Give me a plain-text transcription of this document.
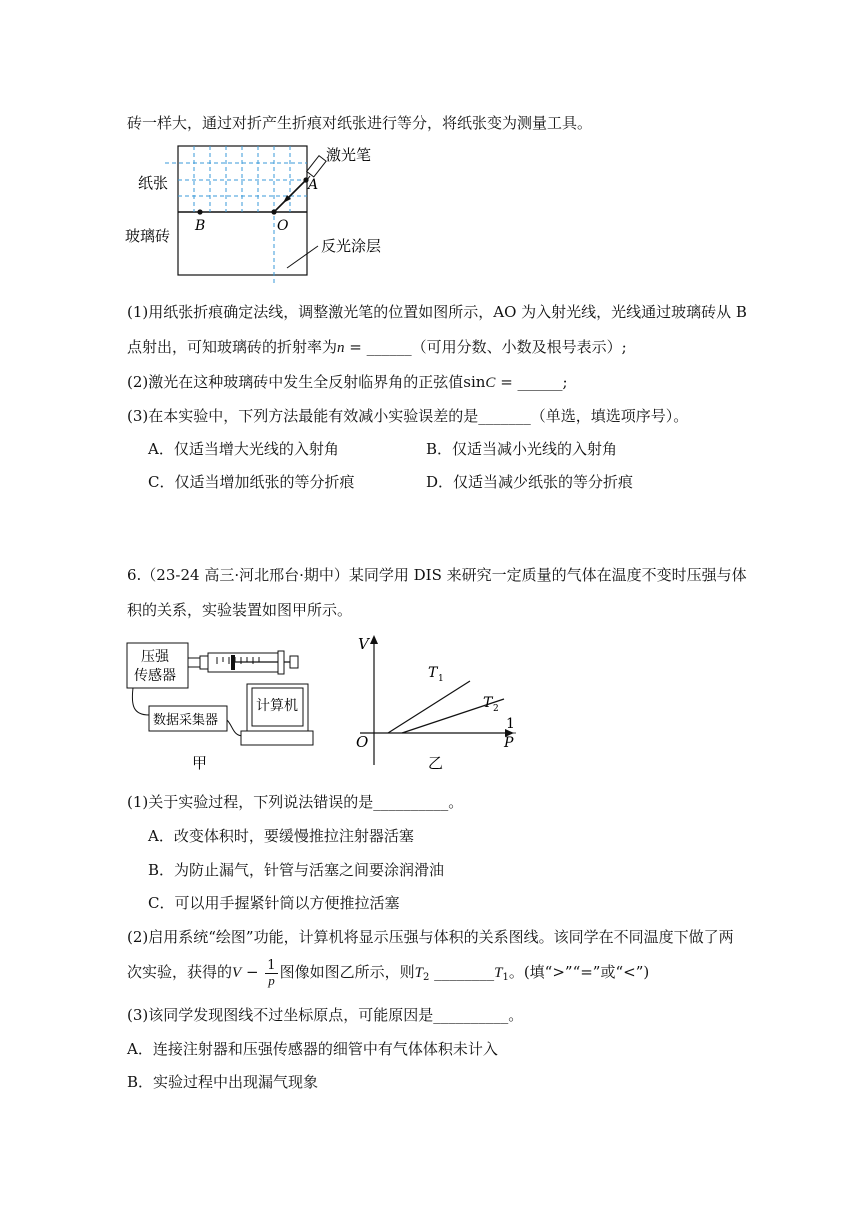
砖一样大，通过对折产生折痕对纸张进行等分，将纸张变为测量工具。
纸张
玻璃砖
激光笔
反光涂层
A
B	O
(1)用纸张折痕确定法线，调整激光笔的位置如图所示，AO 为入射光线，光线通过玻璃砖从 B
点射出，可知玻璃砖的折射率为n = ______（可用分数、小数及根号表示）;
(2)激光在这种玻璃砖中发生全反射临界角的正弦值sinC = ______;
(3)在本实验中，下列方法最能有效减小实验误差的是_______（单选，填选项序号）。
A．仅适当增大光线的入射角	B．仅适当减小光线的入射角
C．仅适当增加纸张的等分折痕	D．仅适当减少纸张的等分折痕
6.（23-24 高三·河北邢台·期中）某同学用 DIS 来研究一定质量的气体在温度不变时压强与体
积的关系，实验装置如图甲所示。
压强
传感器
数据采集器
计算机
甲
V
O
1
P
T 1
T 2
乙
(1)关于实验过程，下列说法错误的是__________。
A．改变体积时，要缓慢推拉注射器活塞
B．为防止漏气，针管与活塞之间要涂润滑油
C．可以用手握紧针筒以方便推拉活塞
(2)启用系统“绘图”功能，计算机将显示压强与体积的关系图线。该同学在不同温度下做了两
次实验，获得的$V - \frac{1}{p}$ 图像如图乙所示，则$T_2$ $\_\_\_\_\_\_\_\_T_1$。(填“>”“=”或“<”)
(3)该同学发现图线不过坐标原点，可能原因是__________。
A．连接注射器和压强传感器的细管中有气体体积未计入
B．实验过程中出现漏气现象
